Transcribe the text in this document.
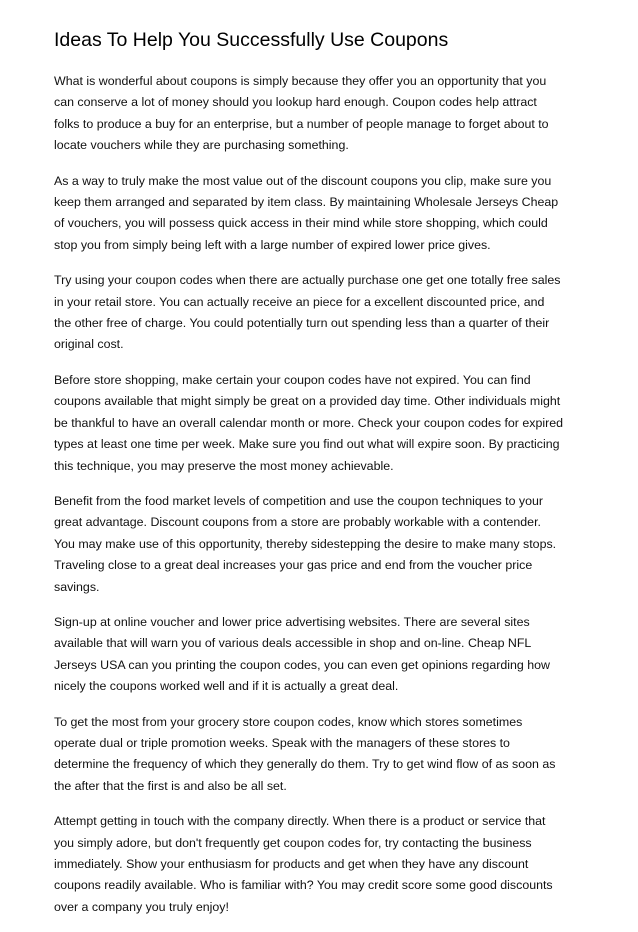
Ideas To Help You Successfully Use Coupons

What is wonderful about coupons is simply because they offer you an opportunity that you
can conserve a lot of money should you lookup hard enough. Coupon codes help attract
folks to produce a buy for an enterprise, but a number of people manage to forget about to
locate vouchers while they are purchasing something.

As a way to truly make the most value out of the discount coupons you clip, make sure you
keep them arranged and separated by item class. By maintaining Wholesale Jerseys Cheap
of vouchers, you will possess quick access in their mind while store shopping, which could
stop you from simply being left with a large number of expired lower price gives.

Try using your coupon codes when there are actually purchase one get one totally free sales
in your retail store. You can actually receive an piece for a excellent discounted price, and
the other free of charge. You could potentially turn out spending less than a quarter of their
original cost.

Before store shopping, make certain your coupon codes have not expired. You can find
coupons available that might simply be great on a provided day time. Other individuals might
be thankful to have an overall calendar month or more. Check your coupon codes for expired
types at least one time per week. Make sure you find out what will expire soon. By practicing
this technique, you may preserve the most money achievable.

Benefit from the food market levels of competition and use the coupon techniques to your
great advantage. Discount coupons from a store are probably workable with a contender.
You may make use of this opportunity, thereby sidestepping the desire to make many stops.
Traveling close to a great deal increases your gas price and end from the voucher price
savings.

Sign-up at online voucher and lower price advertising websites. There are several sites
available that will warn you of various deals accessible in shop and on-line. Cheap NFL
Jerseys USA can you printing the coupon codes, you can even get opinions regarding how
nicely the coupons worked well and if it is actually a great deal.

To get the most from your grocery store coupon codes, know which stores sometimes
operate dual or triple promotion weeks. Speak with the managers of these stores to
determine the frequency of which they generally do them. Try to get wind flow of as soon as
the after that the first is and also be all set.

Attempt getting in touch with the company directly. When there is a product or service that
you simply adore, but don't frequently get coupon codes for, try contacting the business
immediately. Show your enthusiasm for products and get when they have any discount
coupons readily available. Who is familiar with? You may credit score some good discounts
over a company you truly enjoy!
